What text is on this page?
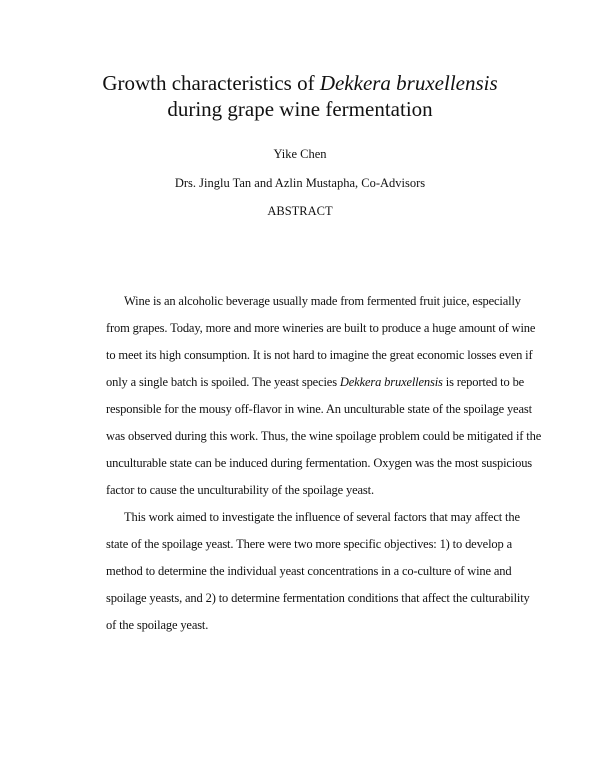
Growth characteristics of Dekkera bruxellensis
during grape wine fermentation
Yike Chen
Drs. Jinglu Tan and Azlin Mustapha, Co-Advisors
ABSTRACT
Wine is an alcoholic beverage usually made from fermented fruit juice, especially
from grapes. Today, more and more wineries are built to produce a huge amount of wine
to meet its high consumption. It is not hard to imagine the great economic losses even if
only a single batch is spoiled. The yeast species Dekkera bruxellensis is reported to be
responsible for the mousy off-flavor in wine. An unculturable state of the spoilage yeast
was observed during this work. Thus, the wine spoilage problem could be mitigated if the
unculturable state can be induced during fermentation. Oxygen was the most suspicious
factor to cause the unculturability of the spoilage yeast.
This work aimed to investigate the influence of several factors that may affect the
state of the spoilage yeast. There were two more specific objectives: 1) to develop a
method to determine the individual yeast concentrations in a co-culture of wine and
spoilage yeasts, and 2) to determine fermentation conditions that affect the culturability
of the spoilage yeast.
